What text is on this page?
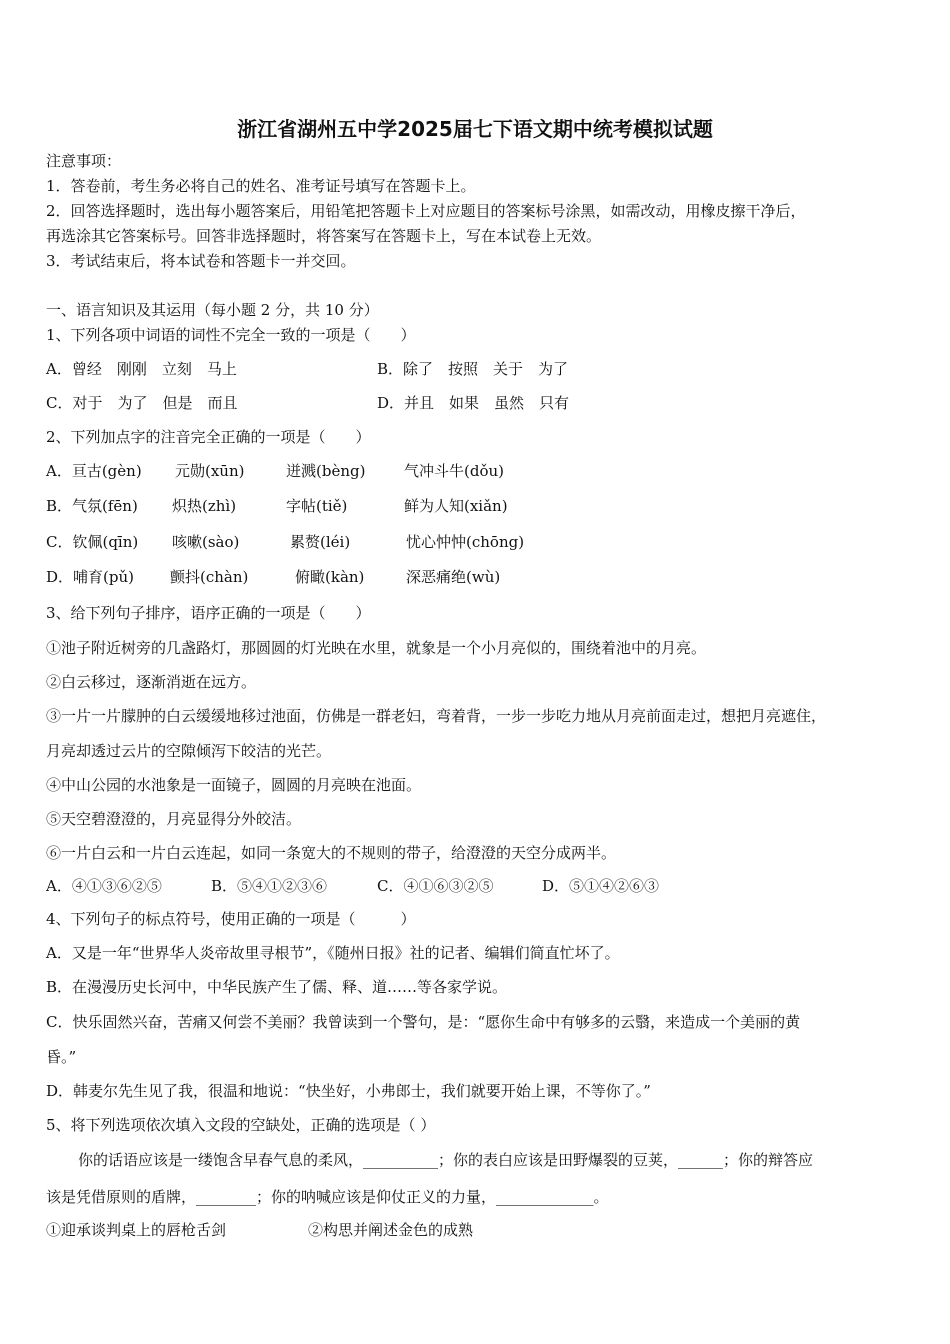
浙江省湖州五中学2025届七下语文期中统考模拟试题
注意事项：
1．答卷前，考生务必将自己的姓名、准考证号填写在答题卡上。
2．回答选择题时，选出每小题答案后，用铅笔把答题卡上对应题目的答案标号涂黑，如需改动，用橡皮擦干净后，
再选涂其它答案标号。回答非选择题时，将答案写在答题卡上，写在本试卷上无效。
3．考试结束后，将本试卷和答题卡一并交回。
一、语言知识及其运用（每小题 2 分，共 10 分）
1、下列各项中词语的词性不完全一致的一项是（　　）
A．曾经　刚刚　立刻　马上	B．除了　按照　关于　为了
C．对于　为了　但是　而且	D．并且　如果　虽然　只有
2、下列加点字的注音完全正确的一项是（　　）
A．亘古(gèn) 元勋(xūn)	迸溅(bèng)	气冲斗牛(dǒu)
B．气氛(fēn) 炽热(zhì)	字帖(tiě)	鲜为人知(xiǎn)
C．钦佩(qīn) 咳嗽(sào)	累赘(léi)	忧心忡忡(chōng)
D．哺育(pǔ) 颤抖(chàn)	俯瞰(kàn)	深恶痛绝(wù)
3、给下列句子排序，语序正确的一项是（　　）
①池子附近树旁的几盏路灯，那圆圆的灯光映在水里，就象是一个小月亮似的，围绕着池中的月亮。
②白云移过，逐渐消逝在远方。
③一片一片朦肿的白云缓缓地移过池面，仿佛是一群老妇，弯着背，一步一步吃力地从月亮前面走过，想把月亮遮住，
月亮却透过云片的空隙倾泻下皎洁的光芒。
④中山公园的水池象是一面镜子，圆圆的月亮映在池面。
⑤天空碧澄澄的，月亮显得分外皎洁。
⑥一片白云和一片白云连起，如同一条宽大的不规则的带子，给澄澄的天空分成两半。
A．④①③⑥②⑤	B．⑤④①②③⑥	C．④①⑥③②⑤	D．⑤①④②⑥③
4、下列句子的标点符号，使用正确的一项是（　　　）
A．又是一年“世界华人炎帝故里寻根节”，《随州日报》社的记者、编辑们简直忙坏了。
B．在漫漫历史长河中，中华民族产生了儒、释、道……等各家学说。
C．快乐固然兴奋，苦痛又何尝不美丽？我曾读到一个警句，是：“愿你生命中有够多的云翳，来造成一个美丽的黄
昏。”
D．韩麦尔先生见了我，很温和地说：“快坐好，小弗郎士，我们就要开始上课，不等你了。”
5、将下列选项依次填入文段的空缺处，正确的选项是（ ）
你的话语应该是一缕饱含早春气息的柔风，__________；你的表白应该是田野爆裂的豆荚，______；你的辩答应
该是凭借原则的盾牌，________；你的呐喊应该是仰仗正义的力量，_____________。
①迎承谈判桌上的唇枪舌剑	②构思并阐述金色的成熟
